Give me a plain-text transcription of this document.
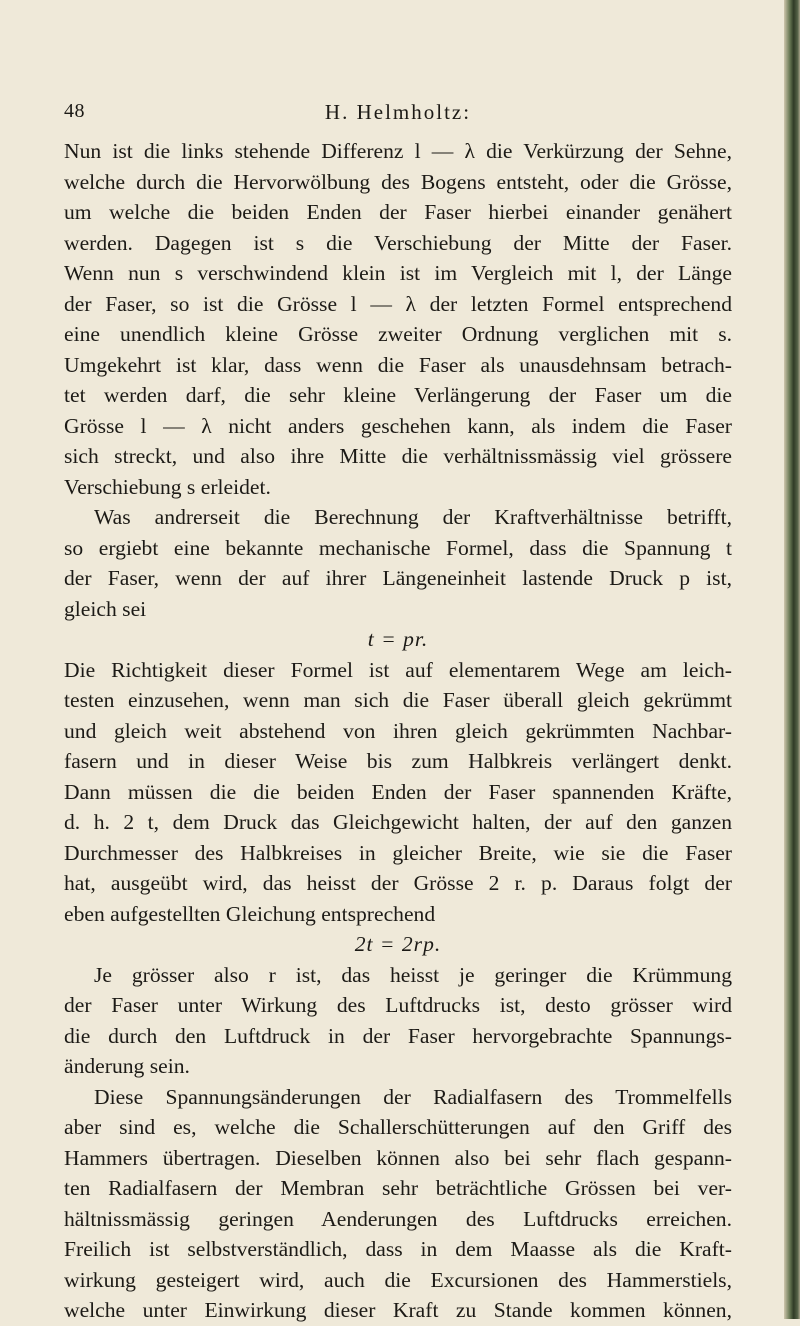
48	H. Helmholtz:
Nun ist die links stehende Differenz l — λ die Verkürzung der Sehne,
welche durch die Hervorwölbung des Bogens entsteht, oder die Grösse,
um welche die beiden Enden der Faser hierbei einander genähert
werden. Dagegen ist s die Verschiebung der Mitte der Faser.
Wenn nun s verschwindend klein ist im Vergleich mit l, der Länge
der Faser, so ist die Grösse l — λ der letzten Formel entsprechend
eine unendlich kleine Grösse zweiter Ordnung verglichen mit s.
Umgekehrt ist klar, dass wenn die Faser als unausdehnsam betrach-
tet werden darf, die sehr kleine Verlängerung der Faser um die
Grösse l — λ nicht anders geschehen kann, als indem die Faser
sich streckt, und also ihre Mitte die verhältnissmässig viel grössere
Verschiebung s erleidet.
Was andrerseit die Berechnung der Kraftverhältnisse betrifft,
so ergiebt eine bekannte mechanische Formel, dass die Spannung t
der Faser, wenn der auf ihrer Längeneinheit lastende Druck p ist,
gleich sei
t = pr.
Die Richtigkeit dieser Formel ist auf elementarem Wege am leich-
testen einzusehen, wenn man sich die Faser überall gleich gekrümmt
und gleich weit abstehend von ihren gleich gekrümmten Nachbar-
fasern und in dieser Weise bis zum Halbkreis verlängert denkt.
Dann müssen die die beiden Enden der Faser spannenden Kräfte,
d. h. 2 t, dem Druck das Gleichgewicht halten, der auf den ganzen
Durchmesser des Halbkreises in gleicher Breite, wie sie die Faser
hat, ausgeübt wird, das heisst der Grösse 2 r. p. Daraus folgt der
eben aufgestellten Gleichung entsprechend
2t = 2rp.
Je grösser also r ist, das heisst je geringer die Krümmung
der Faser unter Wirkung des Luftdrucks ist, desto grösser wird
die durch den Luftdruck in der Faser hervorgebrachte Spannungs-
änderung sein.
Diese Spannungsänderungen der Radialfasern des Trommelfells
aber sind es, welche die Schallerschütterungen auf den Griff des
Hammers übertragen. Dieselben können also bei sehr flach gespann-
ten Radialfasern der Membran sehr beträchtliche Grössen bei ver-
hältnissmässig geringen Aenderungen des Luftdrucks erreichen.
Freilich ist selbstverständlich, dass in dem Maasse als die Kraft-
wirkung gesteigert wird, auch die Excursionen des Hammerstiels,
welche unter Einwirkung dieser Kraft zu Stande kommen können,
